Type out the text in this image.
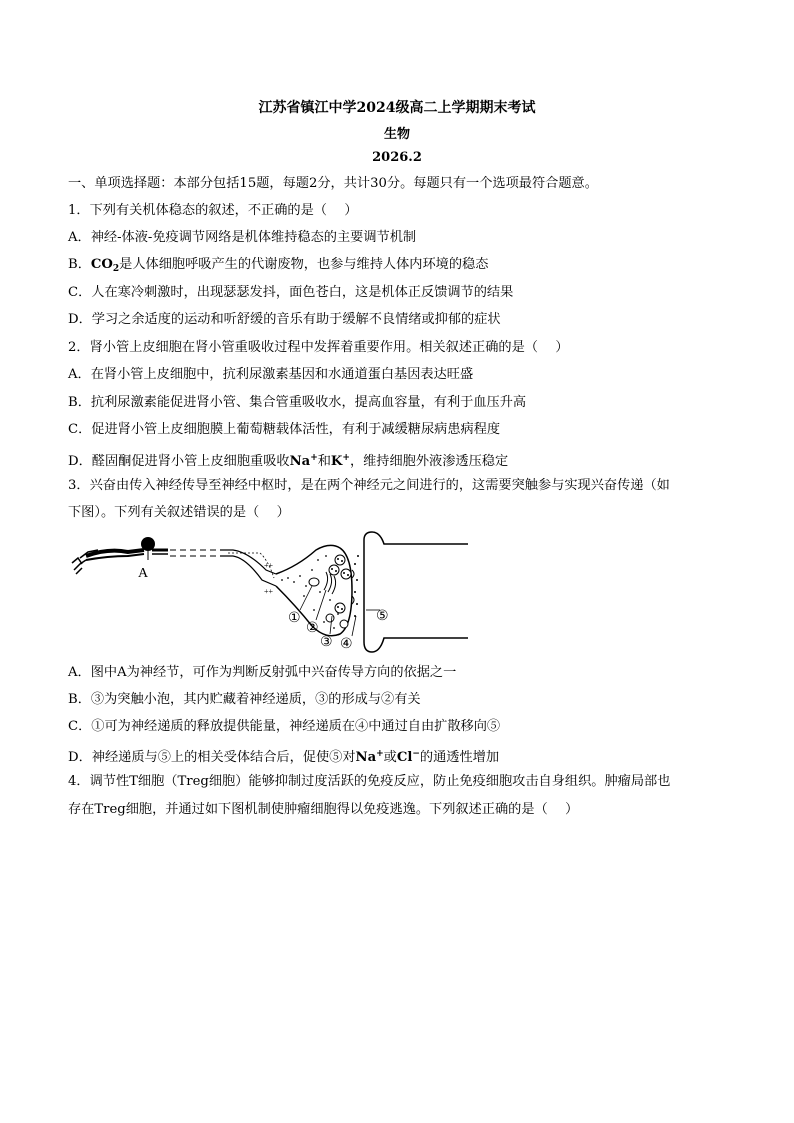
江苏省镇江中学2024级高二上学期期末考试
生物
2026.2
一、单项选择题：本部分包括15题，每题2分，共计30分。每题只有一个选项最符合题意。
1．下列有关机体稳态的叙述，不正确的是（　 ）
A．神经-体液-免疫调节网络是机体维持稳态的主要调节机制
B．$CO_2$是人体细胞呼吸产生的代谢废物，也参与维持人体内环境的稳态
C．人在寒冷刺激时，出现瑟瑟发抖，面色苍白，这是机体正反馈调节的结果
D．学习之余适度的运动和听舒缓的音乐有助于缓解不良情绪或抑郁的症状
2．肾小管上皮细胞在肾小管重吸收过程中发挥着重要作用。相关叙述正确的是（　 ）
A．在肾小管上皮细胞中，抗利尿激素基因和水通道蛋白基因表达旺盛
B．抗利尿激素能促进肾小管、集合管重吸收水，提高血容量，有利于血压升高
C．促进肾小管上皮细胞膜上葡萄糖载体活性，有利于减缓糖尿病患病程度
D．醛固酮促进肾小管上皮细胞重吸收Na+和K+，维持细胞外液渗透压稳定
3．兴奋由传入神经传导至神经中枢时，是在两个神经元之间进行的，这需要突触参与实现兴奋传递（如
下图）。下列有关叙述错误的是（　 ）
A
++
++
①
②
③ ④
⑤
A．图中A为神经节，可作为判断反射弧中兴奋传导方向的依据之一
B．③为突触小泡，其内贮藏着神经递质，③的形成与②有关
C．①可为神经递质的释放提供能量，神经递质在④中通过自由扩散移向⑤
D．神经递质与⑤上的相关受体结合后，促使⑤对Na+或Cl−的通透性增加
4．调节性T细胞（Treg细胞）能够抑制过度活跃的免疫反应，防止免疫细胞攻击自身组织。肿瘤局部也
存在Treg细胞，并通过如下图机制使肿瘤细胞得以免疫逃逸。下列叙述正确的是（　 ）
